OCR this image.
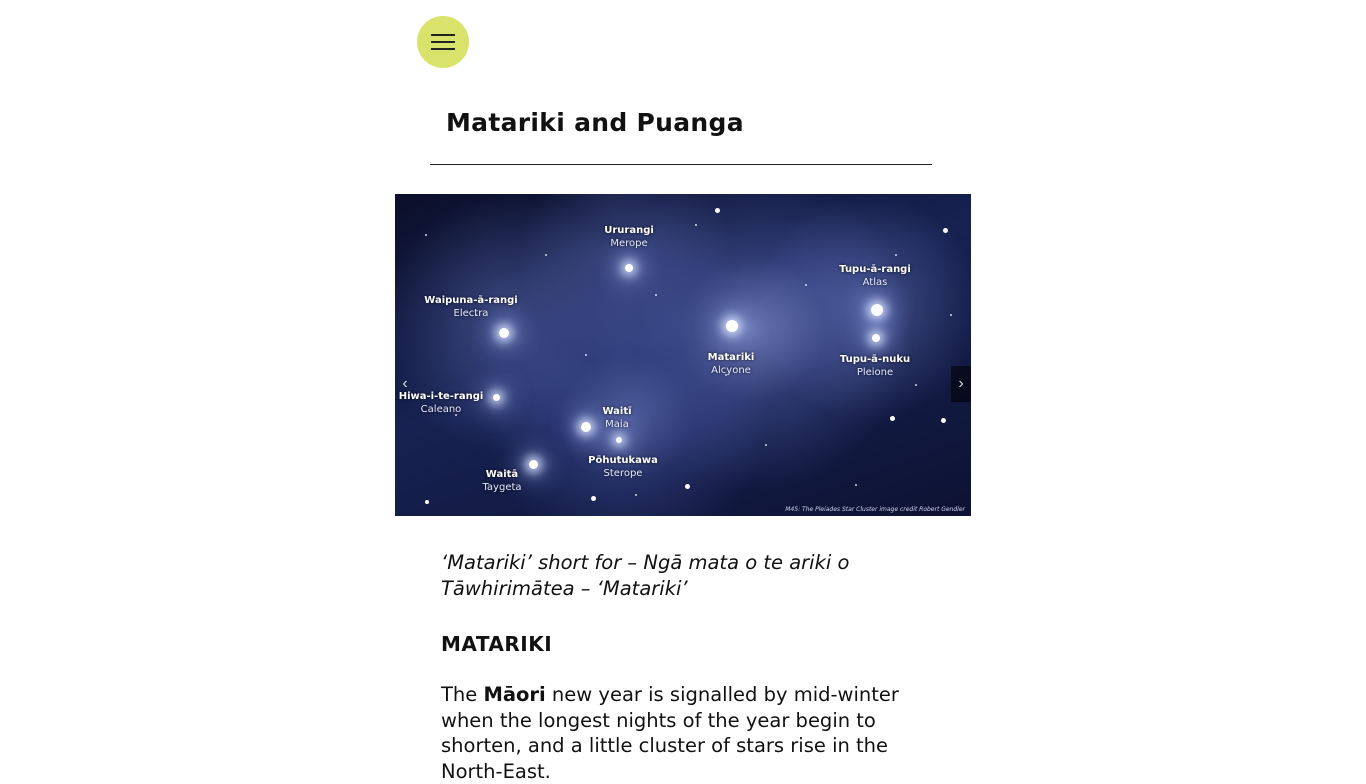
Matariki and Puanga
Ururangi
Merope
Waipuna-ā-rangi
Electra
Tupu-ā-rangi
Atlas
Matariki
Alcyone
Tupu-ā-nuku
Pleione
Hiwa-i-te-rangi
Caleano	Waitī
Maia
Pōhutukawa
Sterope
Waitā
Taygeta
M45: The Pleiades Star Cluster image credit Robert Gendler
‹	›

‘Matariki’ short for – Ngā mata o te ariki o Tāwhirimātea – ‘Matariki’

MATARIKI

The Māori new year is signalled by mid-winter when the longest nights of the year begin to shorten, and a little cluster of stars rise in the North-East.
